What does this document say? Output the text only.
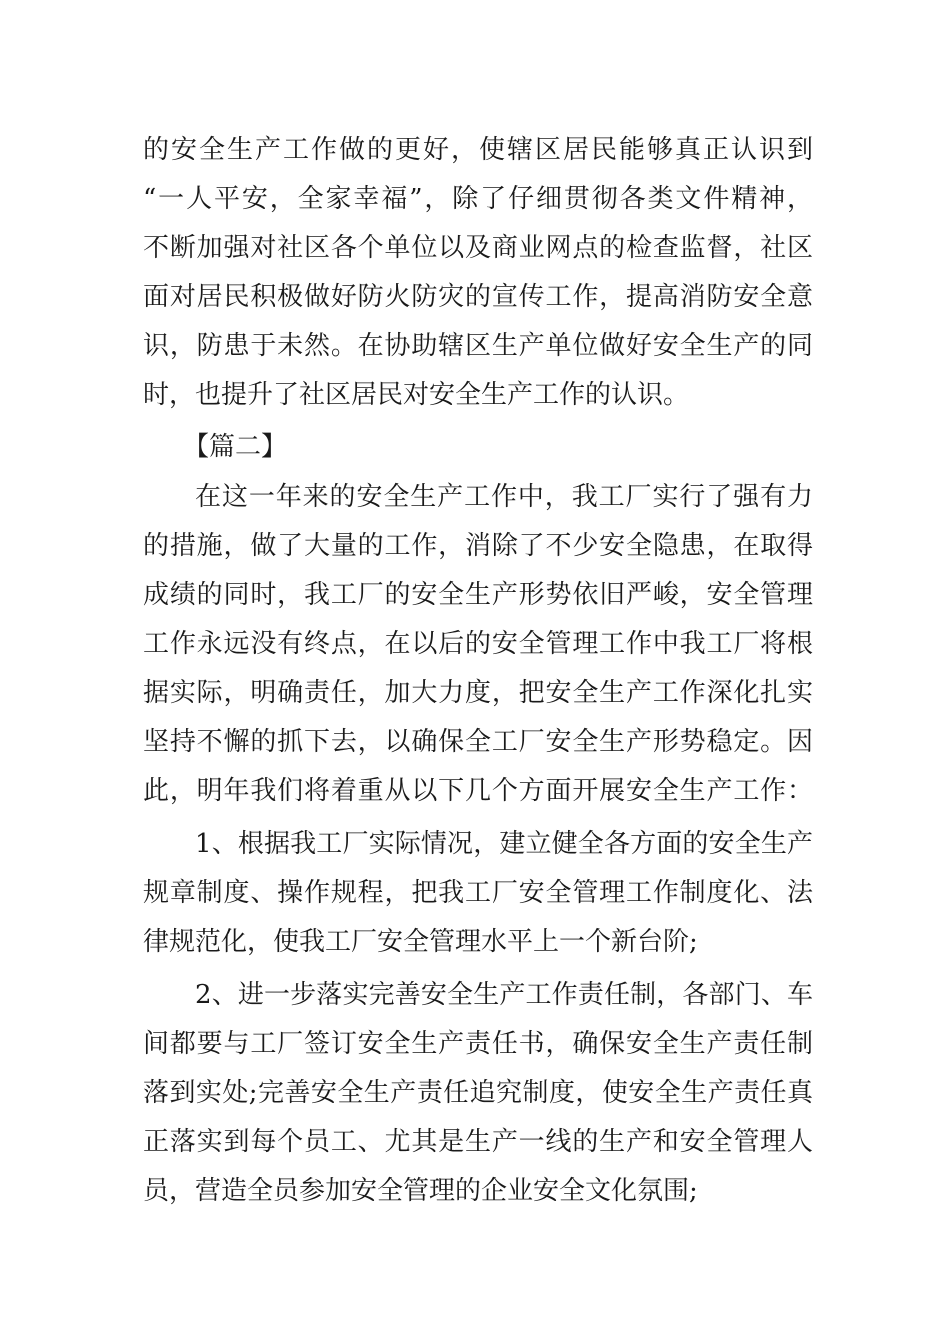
的安全生产工作做的更好，使辖区居民能够真正认识到
“一人平安，全家幸福”，除了仔细贯彻各类文件精神，
不断加强对社区各个单位以及商业网点的检查监督，社区
面对居民积极做好防火防灾的宣传工作，提高消防安全意
识，防患于未然。在协助辖区生产单位做好安全生产的同
时，也提升了社区居民对安全生产工作的认识。
【篇二】
在这一年来的安全生产工作中，我工厂实行了强有力
的措施，做了大量的工作，消除了不少安全隐患，在取得
成绩的同时，我工厂的安全生产形势依旧严峻，安全管理
工作永远没有终点，在以后的安全管理工作中我工厂将根
据实际，明确责任，加大力度，把安全生产工作深化扎实
坚持不懈的抓下去，以确保全工厂安全生产形势稳定。因
此，明年我们将着重从以下几个方面开展安全生产工作：
1、根据我工厂实际情况，建立健全各方面的安全生产
规章制度、操作规程，把我工厂安全管理工作制度化、法
律规范化，使我工厂安全管理水平上一个新台阶;
2、进一步落实完善安全生产工作责任制，各部门、车
间都要与工厂签订安全生产责任书，确保安全生产责任制
落到实处;完善安全生产责任追究制度，使安全生产责任真
正落实到每个员工、尤其是生产一线的生产和安全管理人
员，营造全员参加安全管理的企业安全文化氛围;
